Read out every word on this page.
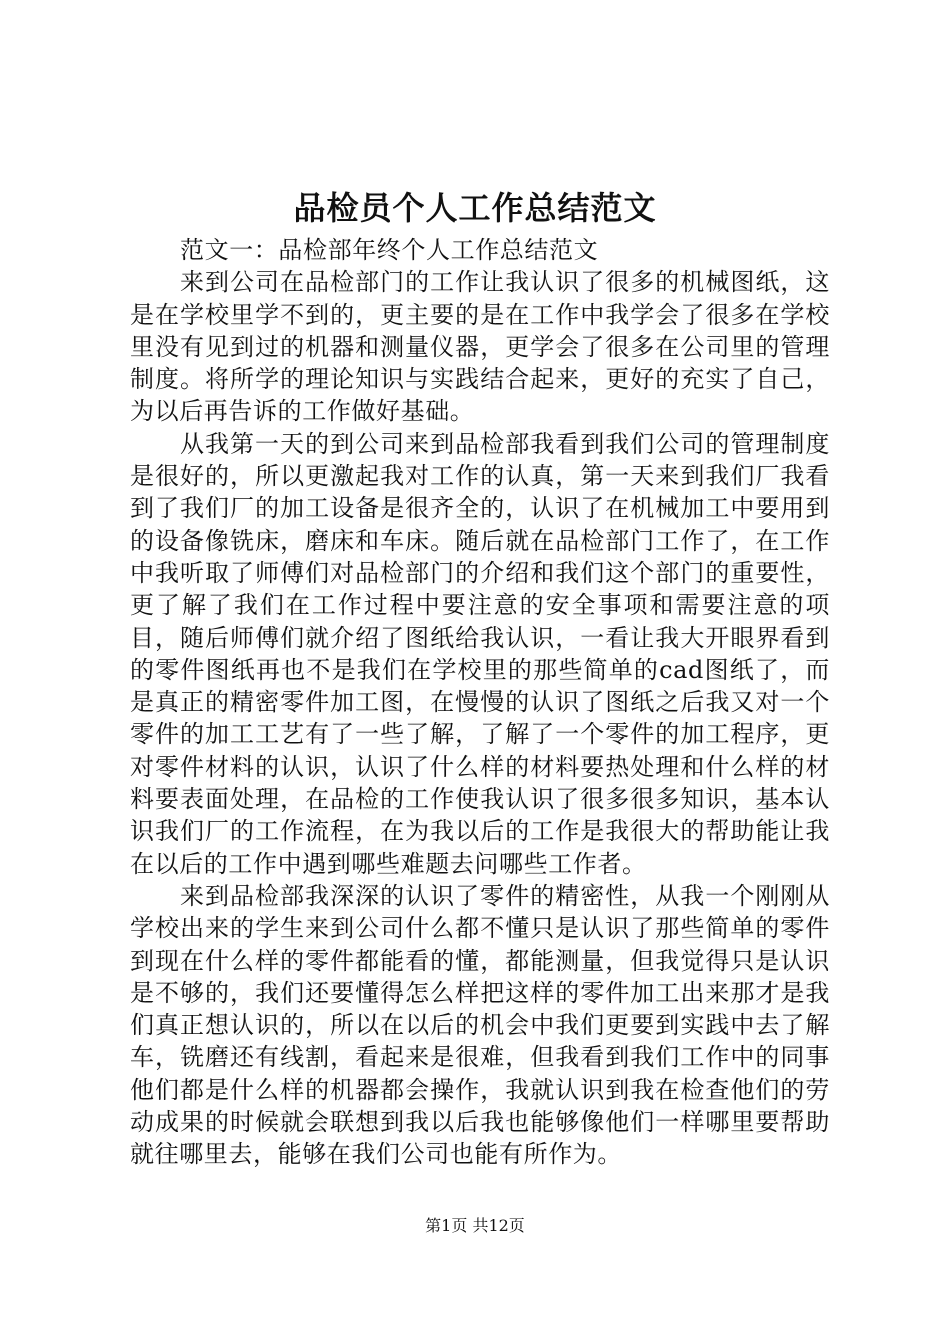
品检员个人工作总结范文

范文一：品检部年终个人工作总结范文

来到公司在品检部门的工作让我认识了很多的机械图纸，这是在学校里学不到的，更主要的是在工作中我学会了很多在学校里没有见到过的机器和测量仪器，更学会了很多在公司里的管理制度。将所学的理论知识与实践结合起来，更好的充实了自己，为以后再告诉的工作做好基础。

从我第一天的到公司来到品检部我看到我们公司的管理制度是很好的，所以更激起我对工作的认真，第一天来到我们厂我看到了我们厂的加工设备是很齐全的，认识了在机械加工中要用到的设备像铣床，磨床和车床。随后就在品检部门工作了，在工作中我听取了师傅们对品检部门的介绍和我们这个部门的重要性，更了解了我们在工作过程中要注意的安全事项和需要注意的项目，随后师傅们就介绍了图纸给我认识，一看让我大开眼界看到的零件图纸再也不是我们在学校里的那些简单的cad图纸了，而是真正的精密零件加工图，在慢慢的认识了图纸之后我又对一个零件的加工工艺有了一些了解，了解了一个零件的加工程序，更对零件材料的认识，认识了什么样的材料要热处理和什么样的材料要表面处理，在品检的工作使我认识了很多很多知识，基本认识我们厂的工作流程，在为我以后的工作是我很大的帮助能让我在以后的工作中遇到哪些难题去问哪些工作者。

来到品检部我深深的认识了零件的精密性，从我一个刚刚从学校出来的学生来到公司什么都不懂只是认识了那些简单的零件到现在什么样的零件都能看的懂，都能测量，但我觉得只是认识是不够的，我们还要懂得怎么样把这样的零件加工出来那才是我们真正想认识的，所以在以后的机会中我们更要到实践中去了解车，铣磨还有线割，看起来是很难，但我看到我们工作中的同事他们都是什么样的机器都会操作，我就认识到我在检查他们的劳动成果的时候就会联想到我以后我也能够像他们一样哪里要帮助就往哪里去，能够在我们公司也能有所作为。

第1页 共12页
